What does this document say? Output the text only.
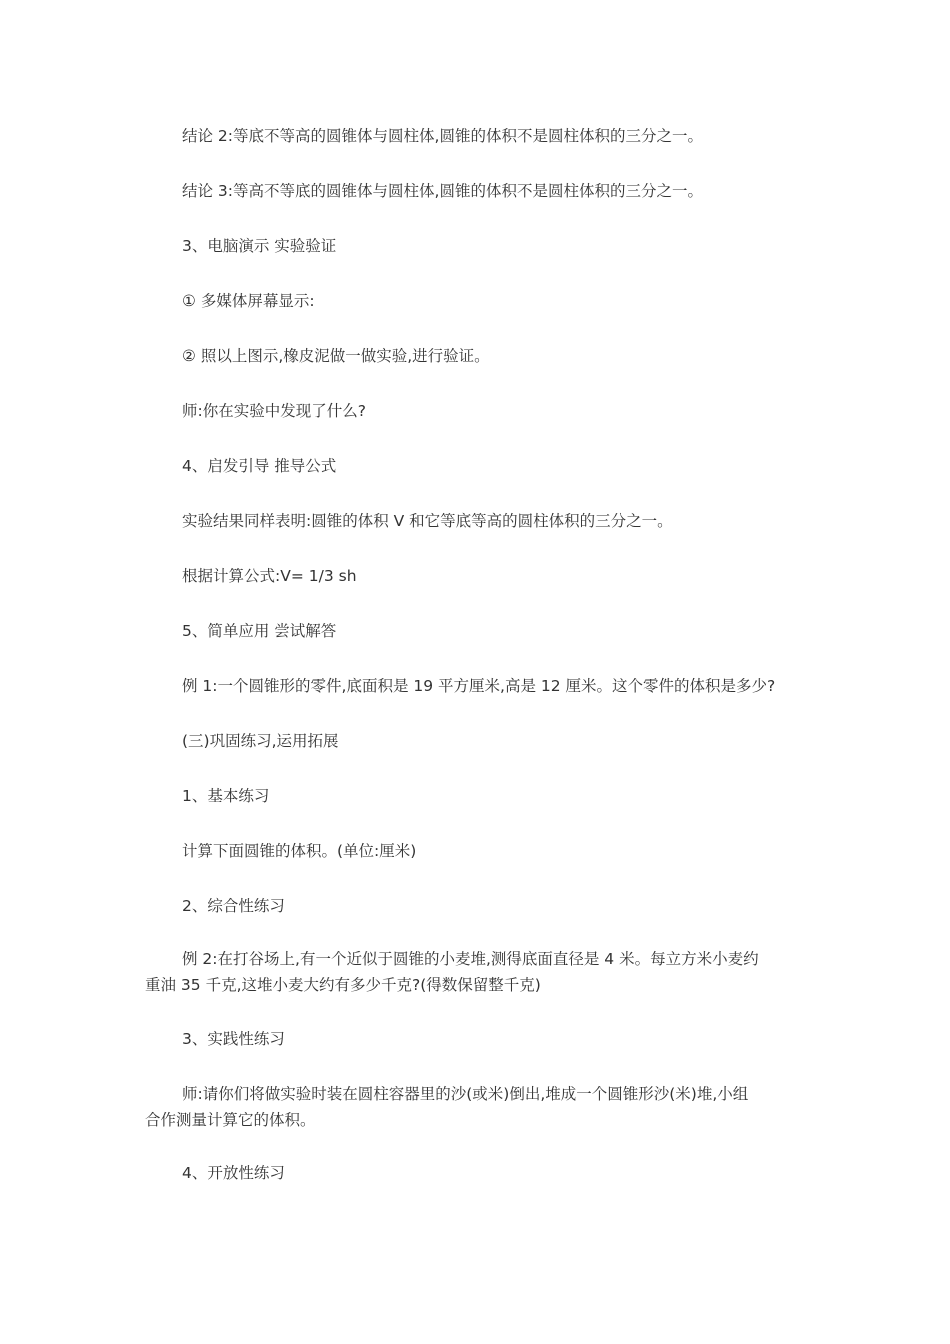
结论 2:等底不等高的圆锥体与圆柱体,圆锥的体积不是圆柱体积的三分之一。

结论 3:等高不等底的圆锥体与圆柱体,圆锥的体积不是圆柱体积的三分之一。

3、电脑演示 实验验证

① 多媒体屏幕显示:

② 照以上图示,橡皮泥做一做实验,进行验证。

师:你在实验中发现了什么?

4、启发引导 推导公式

实验结果同样表明:圆锥的体积 V 和它等底等高的圆柱体积的三分之一。

根据计算公式:V= 1/3 sh

5、简单应用 尝试解答

例 1:一个圆锥形的零件,底面积是 19 平方厘米,高是 12 厘米。这个零件的体积是多少?

(三)巩固练习,运用拓展

1、基本练习

计算下面圆锥的体积。(单位:厘米)

2、综合性练习

例 2:在打谷场上,有一个近似于圆锥的小麦堆,测得底面直径是 4 米。每立方米小麦约
重油 35 千克,这堆小麦大约有多少千克?(得数保留整千克)

3、实践性练习

师:请你们将做实验时装在圆柱容器里的沙(或米)倒出,堆成一个圆锥形沙(米)堆,小组
合作测量计算它的体积。

4、开放性练习
